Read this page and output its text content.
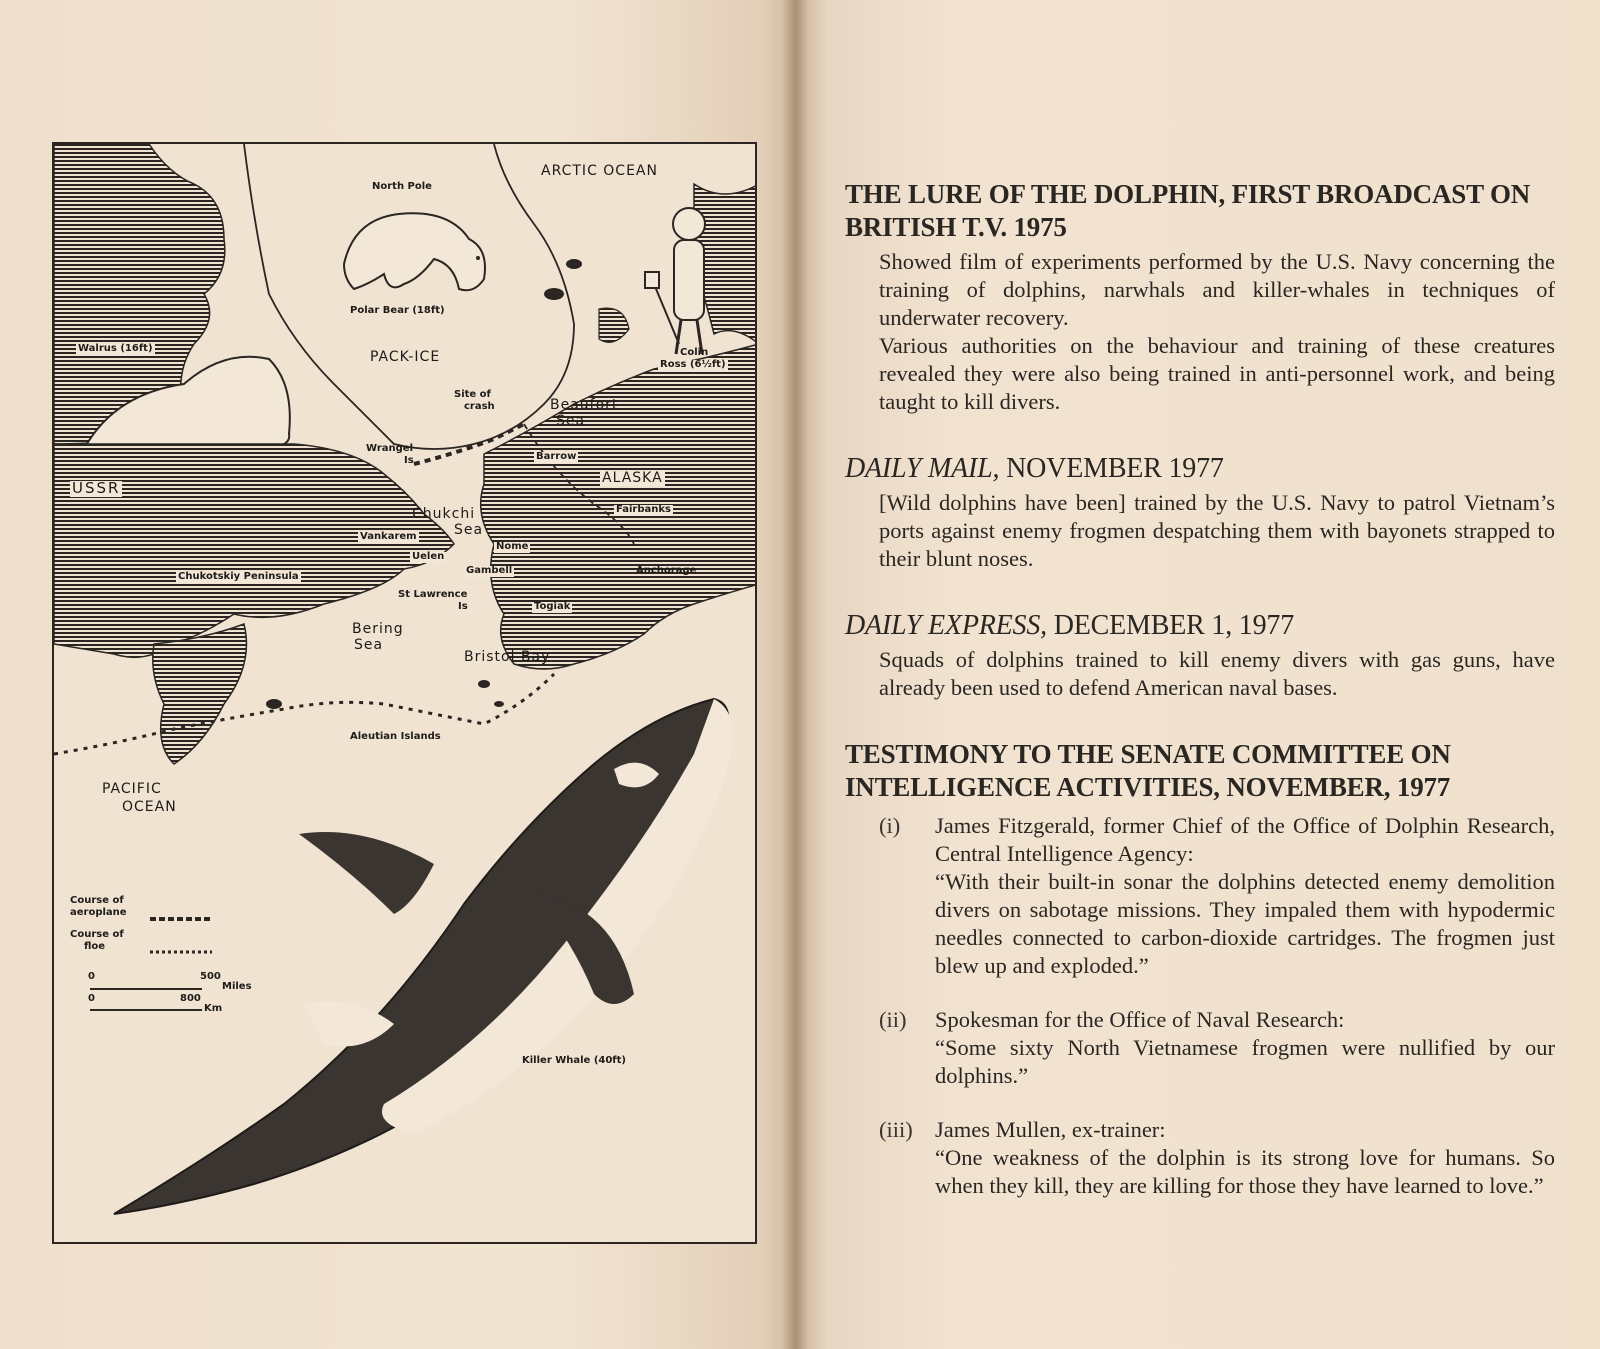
ARCTIC OCEAN
North Pole
Polar Bear (18ft)
PACK-ICE
Walrus (16ft)	Colin
Ross (6½ft)
Site of
crash	Beaufort
Sea
Wrangel
Is	Barrow
ALASKA
USSR
Fairbanks
Chukchi
Sea
Vankarem
Uelen
Nome
Gambell	Anchorage
Chukotskiy Peninsula
St Lawrence
Is	Togiak
Bering
Sea
Bristol Bay
Aleutian Islands
PACIFIC
OCEAN
Killer Whale (40ft)
Course of
aeroplane
Course of
floe
0	500
Miles
0	800
Km
THE LURE OF THE DOLPHIN, FIRST BROADCAST ON BRITISH T.V. 1975

Showed film of experiments performed by the U.S. Navy concerning the training of dolphins, narwhals and killer-whales in techniques of underwater recovery.

Various authorities on the behaviour and training of these creatures revealed they were also being trained in anti-personnel work, and being taught to kill divers.

DAILY MAIL, NOVEMBER 1977

[Wild dolphins have been] trained by the U.S. Navy to patrol Vietnam’s ports against enemy frogmen despatching them with bayonets strapped to their blunt noses.

DAILY EXPRESS, DECEMBER 1, 1977

Squads of dolphins trained to kill enemy divers with gas guns, have already been used to defend American naval bases.

TESTIMONY TO THE SENATE COMMITTEE ON INTELLIGENCE ACTIVITIES, NOVEMBER, 1977
(i)	James Fitzgerald, former Chief of the Office of Dolphin Research, Central Intelligence Agency:

“With their built-in sonar the dolphins detected enemy demolition divers on sabotage missions. They impaled them with hypodermic needles connected to carbon-dioxide cartridges. The frogmen just blew up and exploded.”

(ii)	Spokesman for the Office of Naval Research:

“Some sixty North Vietnamese frogmen were nullified by our dolphins.”

(iii) James Mullen, ex-trainer:

“One weakness of the dolphin is its strong love for humans. So when they kill, they are killing for those they have learned to love.”
